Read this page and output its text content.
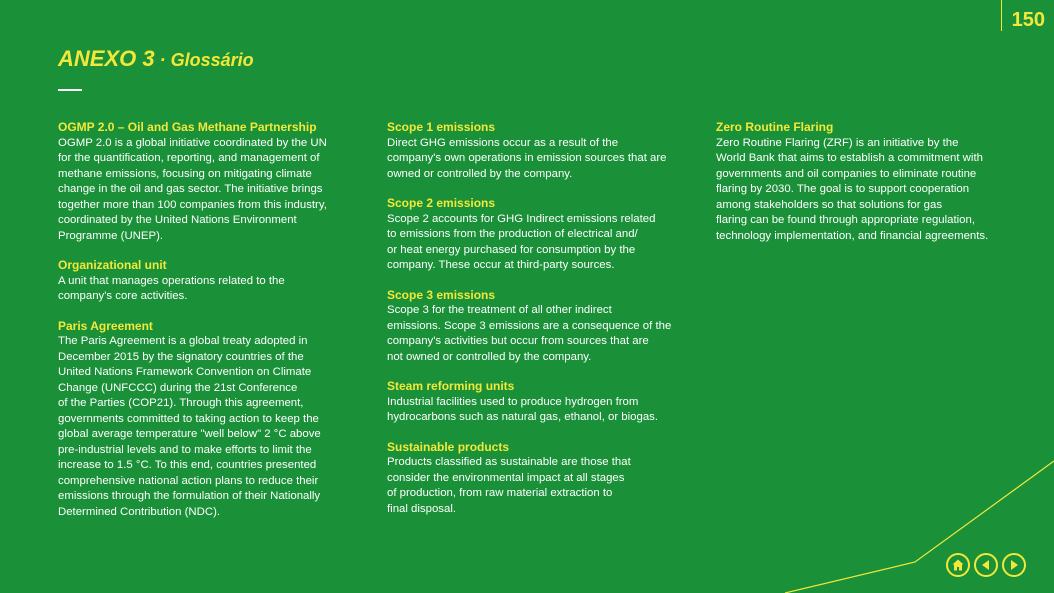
150
ANEXO 3 · Glossário
OGMP 2.0 – Oil and Gas Methane Partnership
OGMP 2.0 is a global initiative coordinated by the UN
for the quantification, reporting, and management of
methane emissions, focusing on mitigating climate
change in the oil and gas sector. The initiative brings
together more than 100 companies from this industry,
coordinated by the United Nations Environment
Programme (UNEP).
Organizational unit
A unit that manages operations related to the
company's core activities.
Paris Agreement
The Paris Agreement is a global treaty adopted in
December 2015 by the signatory countries of the
United Nations Framework Convention on Climate
Change (UNFCCC) during the 21st Conference
of the Parties (COP21). Through this agreement,
governments committed to taking action to keep the
global average temperature "well below" 2 °C above
pre-industrial levels and to make efforts to limit the
increase to 1.5 °C. To this end, countries presented
comprehensive national action plans to reduce their
emissions through the formulation of their Nationally
Determined Contribution (NDC).
Scope 1 emissions
Direct GHG emissions occur as a result of the
company's own operations in emission sources that are
owned or controlled by the company.
Scope 2 emissions
Scope 2 accounts for GHG Indirect emissions related
to emissions from the production of electrical and/
or heat energy purchased for consumption by the
company. These occur at third-party sources.
Scope 3 emissions
Scope 3 for the treatment of all other indirect
emissions. Scope 3 emissions are a consequence of the
company's activities but occur from sources that are
not owned or controlled by the company.
Steam reforming units
Industrial facilities used to produce hydrogen from
hydrocarbons such as natural gas, ethanol, or biogas.
Sustainable products
Products classified as sustainable are those that
consider the environmental impact at all stages
of production, from raw material extraction to
final disposal.
Zero Routine Flaring
Zero Routine Flaring (ZRF) is an initiative by the
World Bank that aims to establish a commitment with
governments and oil companies to eliminate routine
flaring by 2030. The goal is to support cooperation
among stakeholders so that solutions for gas
flaring can be found through appropriate regulation,
technology implementation, and financial agreements.
